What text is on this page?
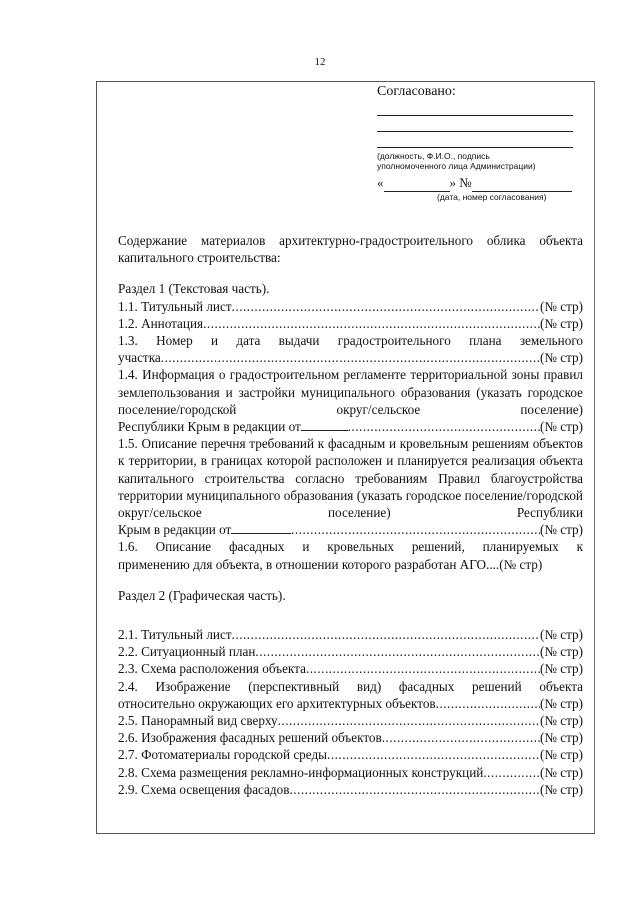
12
Согласовано:
(должность, Ф.И.О., подпись
уполномоченного лица Администрации)
«	» №
(дата, номер согласования)
Содержание материалов архитектурно-градостроительного облика объекта капитального строительства:
Раздел 1 (Текстовая часть).
1.1. Титульный лист .....	(№ стр)
1.2. Аннотация .....	(№ стр)
1.3. Номер и дата выдачи градостроительного плана земельного
участка .....	(№ стр)
1.4. Информация о градостроительном регламенте территориальной зоны правил землепользования и застройки муниципального образования (указать городское поселение/городской округ/сельское поселение)
Республики Крым в редакции от .....	(№ стр)
1.5. Описание перечня требований к фасадным и кровельным решениям объектов к территории, в границах которой расположен и планируется реализация объекта капитального строительства согласно требованиям Правил благоустройства территории муниципального образования (указать городское поселение/городской округ/сельское поселение) Республики
Крым в редакции от .....	(№ стр)
1.6. Описание фасадных и кровельных решений, планируемых к
применению для объекта, в отношении которого разработан АГО....(№ стр)
Раздел 2 (Графическая часть).
2.1. Титульный лист .....	(№ стр)
2.2. Ситуационный план .....	(№ стр)
2.3. Схема расположения объекта .....	(№ стр)
2.4. Изображение (перспективный вид) фасадных решений объекта
относительно окружающих его архитектурных объектов .....	(№ стр)
2.5. Панорамный вид сверху .....	(№ стр)
2.6. Изображения фасадных решений объектов .....	(№ стр)
2.7. Фотоматериалы городской среды .....	(№ стр)
2.8. Схема размещения рекламно-информационных конструкций .....	(№ стр)
2.9. Схема освещения фасадов .....	(№ стр)
